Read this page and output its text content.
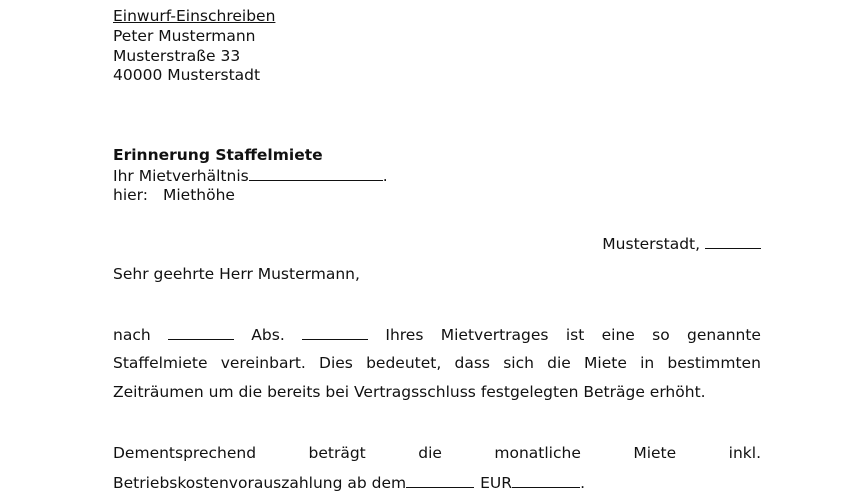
Einwurf-Einschreiben
Peter Mustermann
Musterstraße 33
40000 Musterstadt
Erinnerung Staffelmiete
Ihr Mietverhältnis	.
hier: Miethöhe
Musterstadt,
Sehr geehrte Herr Mustermann,
nach	Abs.	Ihres Mietvertrages ist eine so genannte
Staffelmiete vereinbart. Dies bedeutet, dass sich die Miete in bestimmten
Zeiträumen um die bereits bei Vertragsschluss festgelegten Beträge erhöht.
Dementsprechend	beträgt	die	monatliche	Miete	inkl.
Betriebskostenvorauszahlung ab dem	EUR	.
